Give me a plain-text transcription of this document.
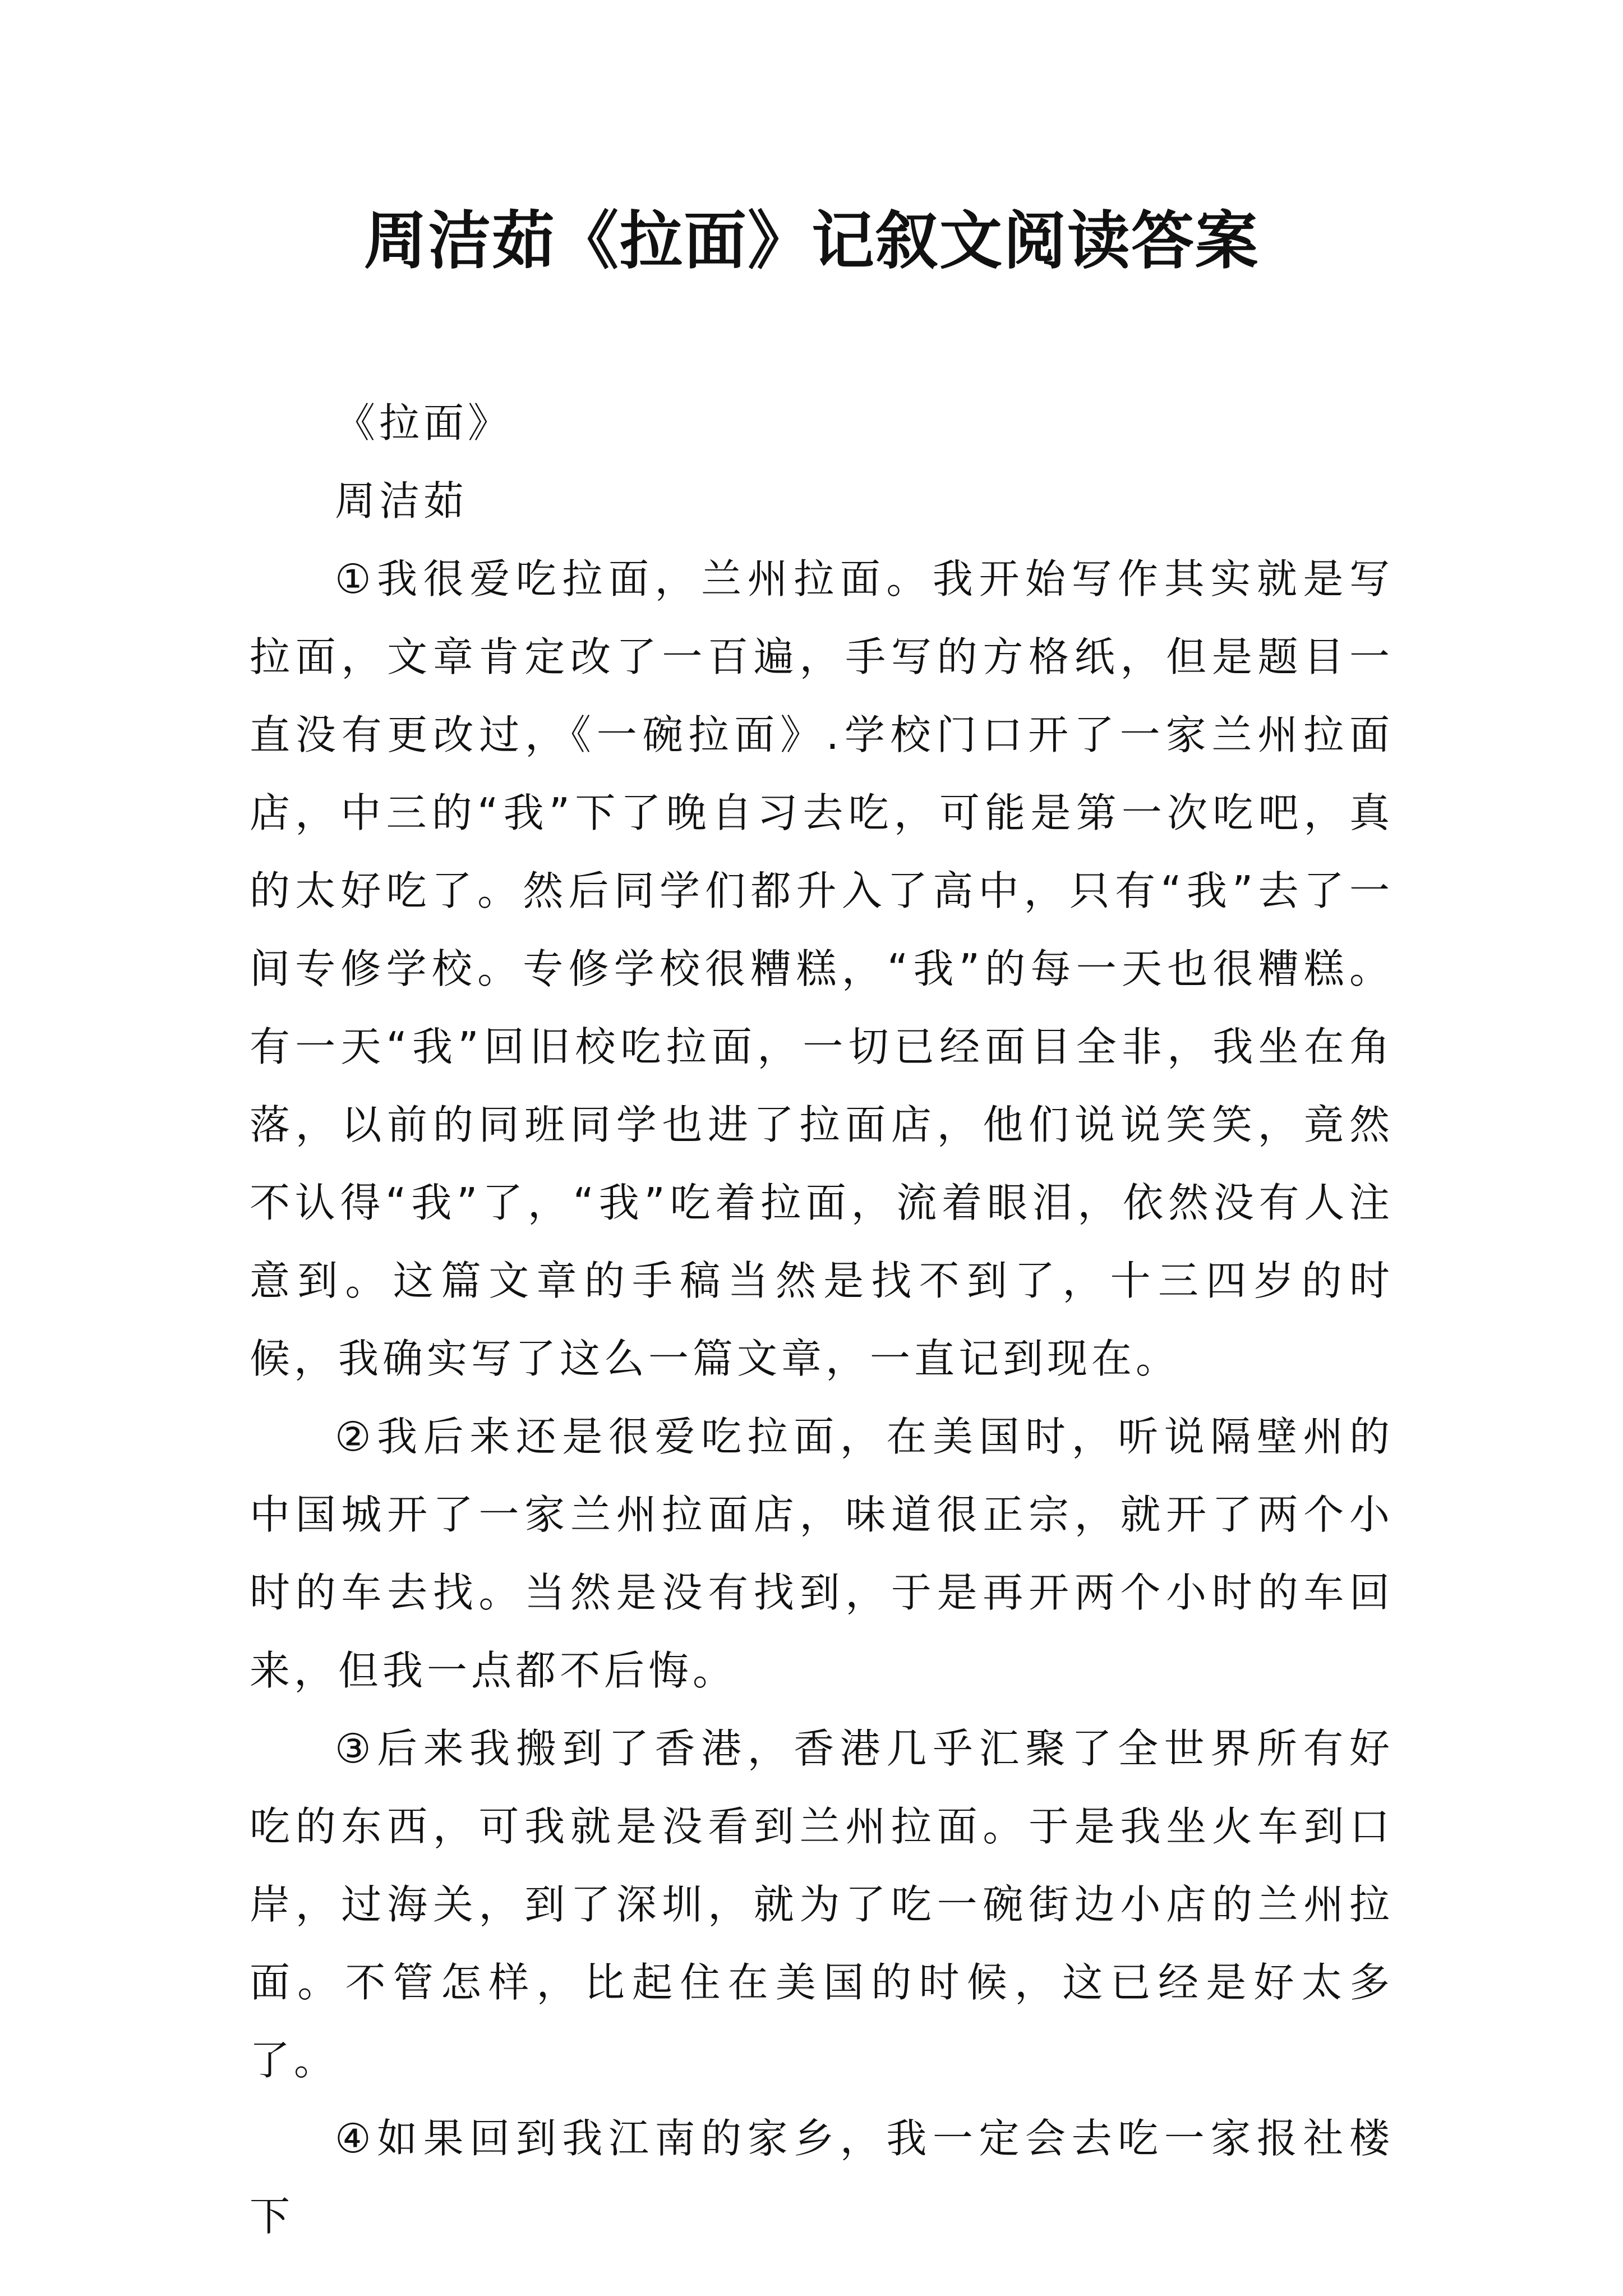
周洁茹《拉面》记叙文阅读答案

《拉面》

周洁茹

①我很爱吃拉面，兰州拉面。我开始写作其实就是写拉面，文章肯定改了一百遍，手写的方格纸，但是题目一直没有更改过，《一碗拉面》.学校门口开了一家兰州拉面店，中三的“我”下了晚自习去吃，可能是第一次吃吧，真的太好吃了。然后同学们都升入了高中，只有“我”去了一间专修学校。专修学校很糟糕，“我”的每一天也很糟糕。有一天“我”回旧校吃拉面，一切已经面目全非，我坐在角落，以前的同班同学也进了拉面店，他们说说笑笑，竟然不认得“我”了，“我”吃着拉面，流着眼泪，依然没有人注意到。这篇文章的手稿当然是找不到了，十三四岁的时候，我确实写了这么一篇文章，一直记到现在。

②我后来还是很爱吃拉面，在美国时，听说隔壁州的中国城开了一家兰州拉面店，味道很正宗，就开了两个小时的车去找。当然是没有找到，于是再开两个小时的车回来，但我一点都不后悔。

③后来我搬到了香港，香港几乎汇聚了全世界所有好吃的东西，可我就是没看到兰州拉面。于是我坐火车到口岸，过海关，到了深圳，就为了吃一碗街边小店的兰州拉面。不管怎样，比起住在美国的时候，这已经是好太多了。

④如果回到我江南的家乡，我一定会去吃一家报社楼下
